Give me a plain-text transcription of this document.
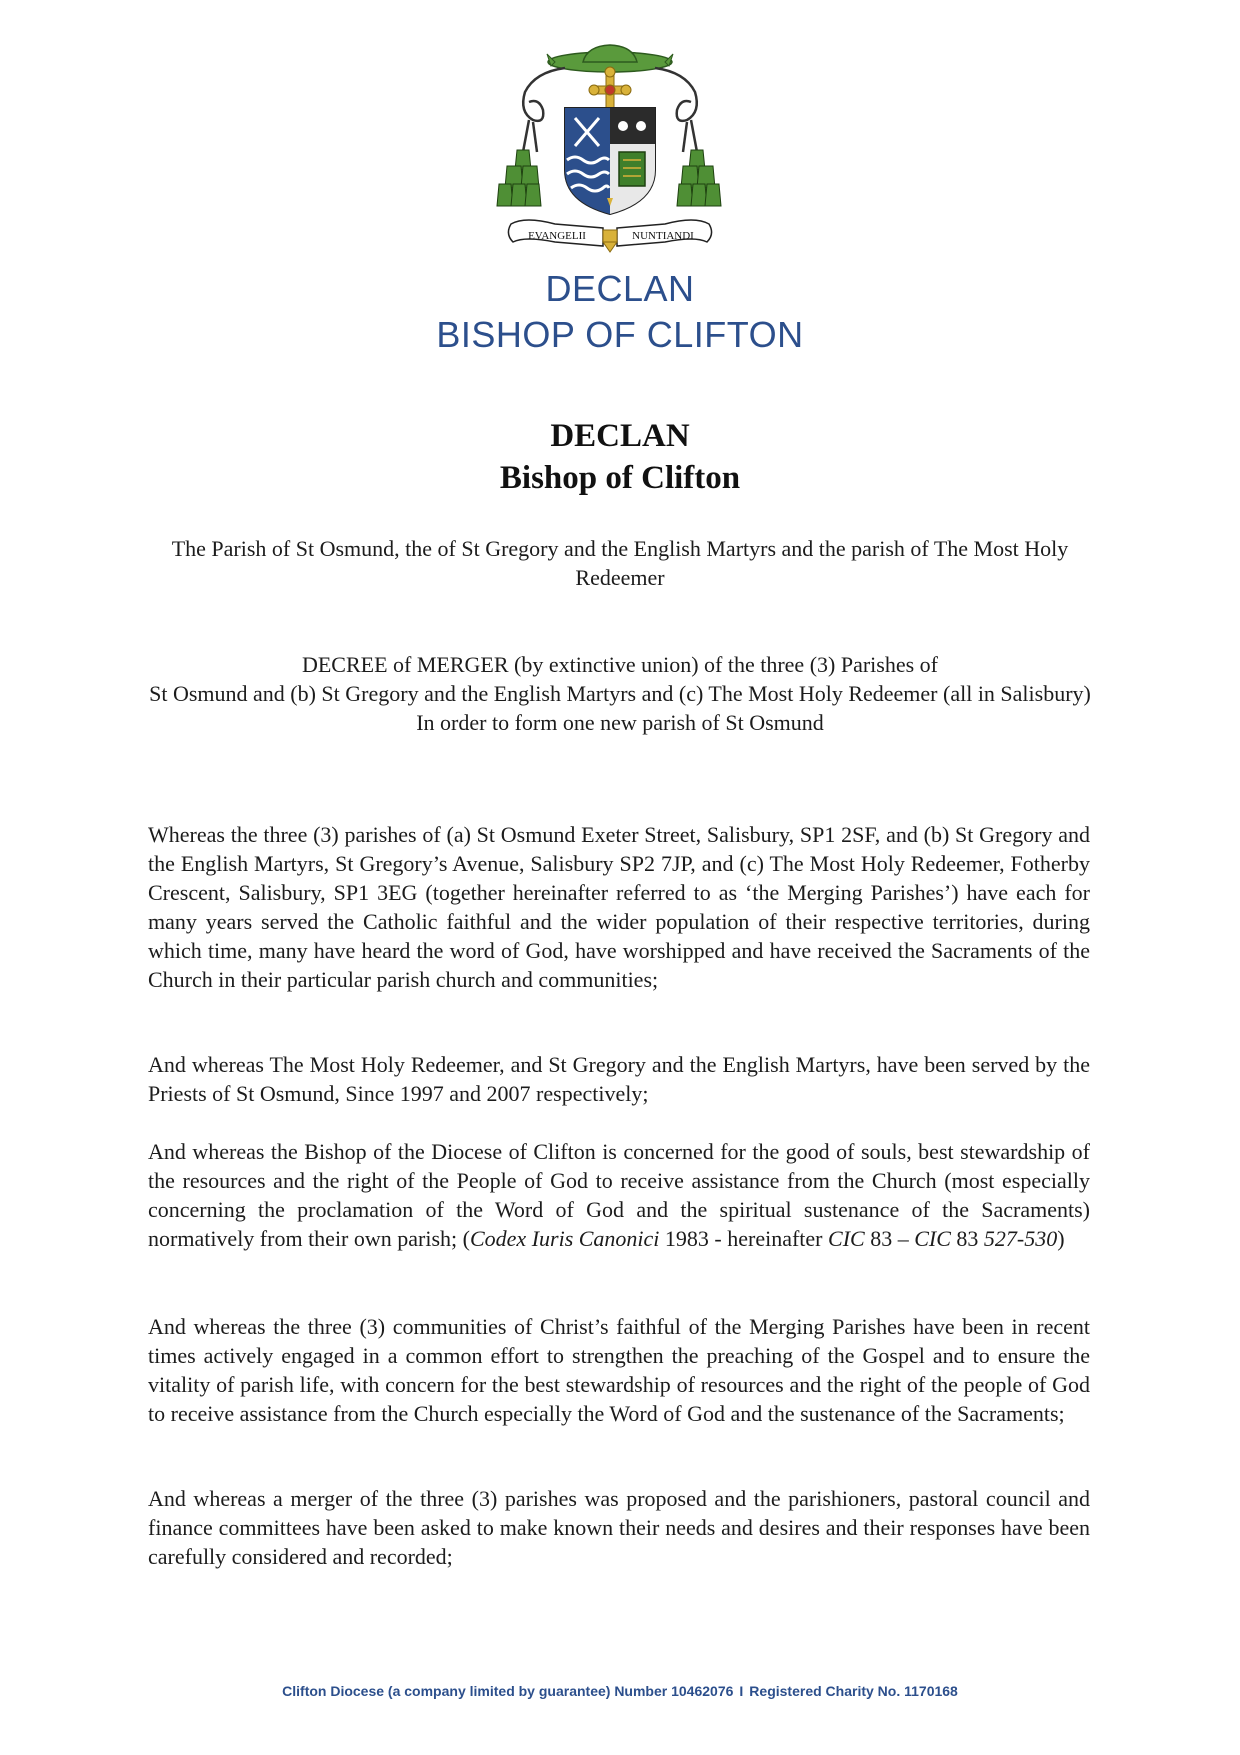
EVANGELII	NUNTIANDI
DECLAN
BISHOP OF CLIFTON
DECLAN
Bishop of Clifton
The Parish of St Osmund, the of St Gregory and the English Martyrs and the parish of The Most Holy Redeemer
DECREE of MERGER (by extinctive union) of the three (3) Parishes of
St Osmund and (b) St Gregory and the English Martyrs and (c) The Most Holy Redeemer (all in Salisbury)
In order to form one new parish of St Osmund
Whereas the three (3) parishes of (a) St Osmund Exeter Street, Salisbury, SP1 2SF, and (b) St Gregory and the English Martyrs, St Gregory’s Avenue, Salisbury SP2 7JP, and (c) The Most Holy Redeemer, Fotherby Crescent, Salisbury, SP1 3EG (together hereinafter referred to as ‘the Merging Parishes’) have each for many years served the Catholic faithful and the wider population of their respective territories, during which time, many have heard the word of God, have worshipped and have received the Sacraments of the Church in their particular parish church and communities;
And whereas The Most Holy Redeemer, and St Gregory and the English Martyrs, have been served by the Priests of St Osmund, Since 1997 and 2007 respectively;
And whereas the Bishop of the Diocese of Clifton is concerned for the good of souls, best stewardship of the resources and the right of the People of God to receive assistance from the Church (most especially concerning the proclamation of the Word of God and the spiritual sustenance of the Sacraments) normatively from their own parish; (Codex Iuris Canonici 1983 - hereinafter CIC 83 – CIC 83 527-530)
And whereas the three (3) communities of Christ’s faithful of the Merging Parishes have been in recent times actively engaged in a common effort to strengthen the preaching of the Gospel and to ensure the vitality of parish life, with concern for the best stewardship of resources and the right of the people of God to receive assistance from the Church especially the Word of God and the sustenance of the Sacraments;
And whereas a merger of the three (3) parishes was proposed and the parishioners, pastoral council and finance committees have been asked to make known their needs and desires and their responses have been carefully considered and recorded;
Clifton Diocese (a company limited by guarantee) Number 10462076 I Registered Charity No. 1170168
